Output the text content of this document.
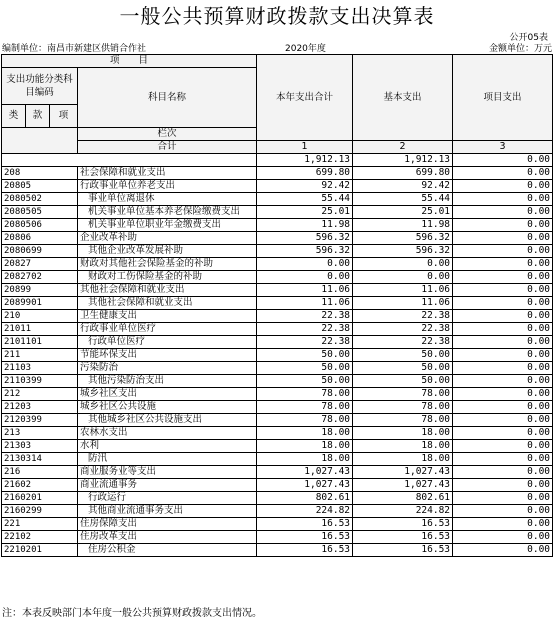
一般公共预算财政拨款支出决算表
公开05表
编制单位：南昌市新建区供销合作社	2020年度	金额单位：万元
项　　目				本年支出合计	基本支出	项目支出
支出功能分类科目编码			科目名称			
类	款	项				
			栏次			
			合计	1	2	3
				1,912.13	1,912.13	0.00
208			社会保障和就业支出	699.80	699.80	0.00
20805			行政事业单位养老支出	92.42	92.42	0.00
2080502			事业单位离退休	55.44	55.44	0.00
2080505			机关事业单位基本养老保险缴费支出	25.01	25.01	0.00
2080506			机关事业单位职业年金缴费支出	11.98	11.98	0.00
20806			企业改革补助	596.32	596.32	0.00
2080699			其他企业改革发展补助	596.32	596.32	0.00
20827			财政对其他社会保险基金的补助	0.00	0.00	0.00
2082702			财政对工伤保险基金的补助	0.00	0.00	0.00
20899			其他社会保障和就业支出	11.06	11.06	0.00
2089901			其他社会保障和就业支出	11.06	11.06	0.00
210			卫生健康支出	22.38	22.38	0.00
21011			行政事业单位医疗	22.38	22.38	0.00
2101101			行政单位医疗	22.38	22.38	0.00
211			节能环保支出	50.00	50.00	0.00
21103			污染防治	50.00	50.00	0.00
2110399			其他污染防治支出	50.00	50.00	0.00
212			城乡社区支出	78.00	78.00	0.00
21203			城乡社区公共设施	78.00	78.00	0.00
2120399			其他城乡社区公共设施支出	78.00	78.00	0.00
213			农林水支出	18.00	18.00	0.00
21303			水利	18.00	18.00	0.00
2130314			防汛	18.00	18.00	0.00
216			商业服务业等支出	1,027.43	1,027.43	0.00
21602			商业流通事务	1,027.43	1,027.43	0.00
2160201			行政运行	802.61	802.61	0.00
2160299			其他商业流通事务支出	224.82	224.82	0.00
221			住房保障支出	16.53	16.53	0.00
22102			住房改革支出	16.53	16.53	0.00
2210201			住房公积金	16.53	16.53	0.00
注：本表反映部门本年度一般公共预算财政拨款支出情况。
